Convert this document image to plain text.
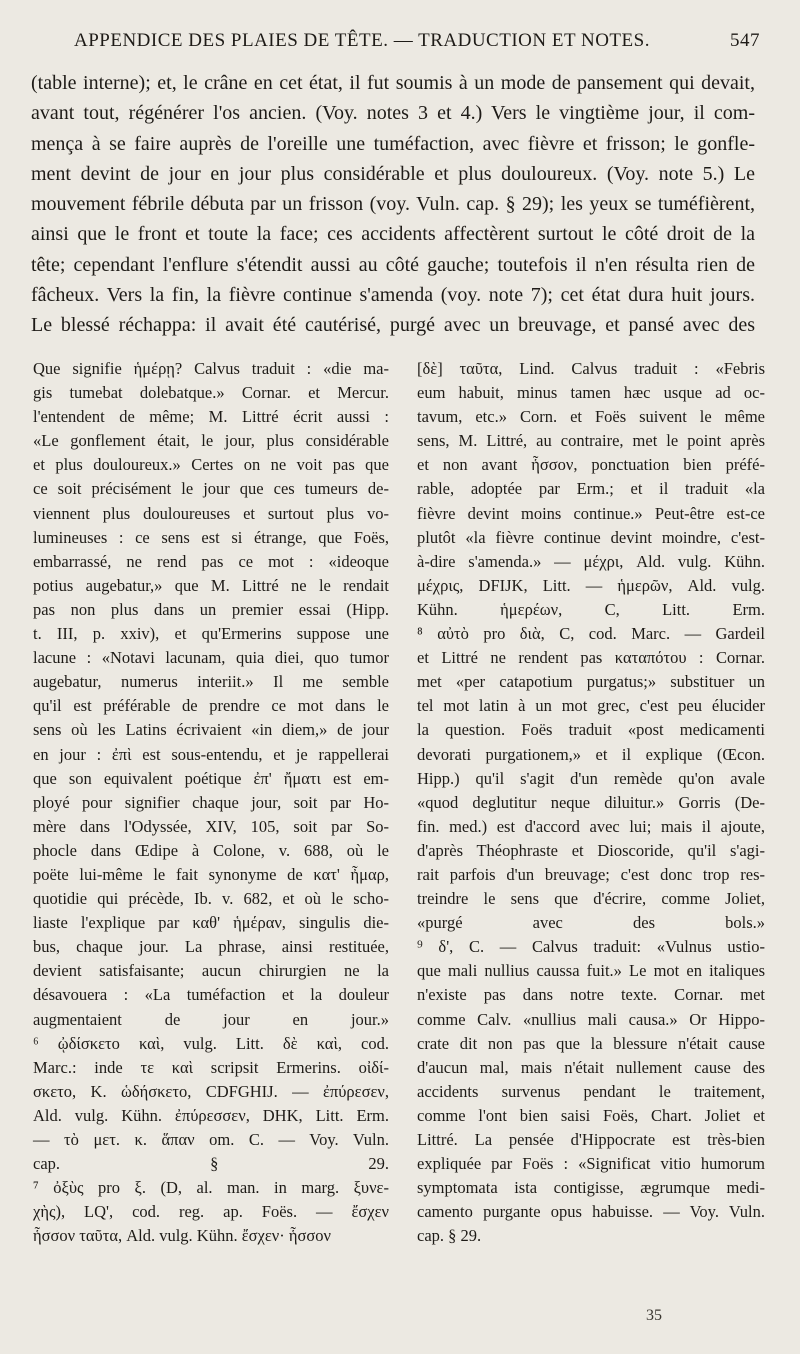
APPENDICE DES PLAIES DE TÊTE. — TRADUCTION ET NOTES.	547
(table interne); et, le crâne en cet état, il fut soumis à un mode de pansement qui devait,
avant tout, régénérer l'os ancien. (Voy. notes 3 et 4.) Vers le vingtième jour, il com-
mença à se faire auprès de l'oreille une tuméfaction, avec fièvre et frisson; le gonfle-
ment devint de jour en jour plus considérable et plus douloureux. (Voy. note 5.) Le
mouvement fébrile débuta par un frisson (voy. Vuln. cap. § 29); les yeux se tuméfièrent,
ainsi que le front et toute la face; ces accidents affectèrent surtout le côté droit de la
tête; cependant l'enflure s'étendit aussi au côté gauche; toutefois il n'en résulta rien de
fâcheux. Vers la fin, la fièvre continue s'amenda (voy. note 7); cet état dura huit jours.
Le blessé réchappa: il avait été cautérisé, purgé avec un breuvage, et pansé avec des
Que signifie ἡμέρῃ? Calvus traduit : «die ma-
gis tumebat dolebatque.» Cornar. et Mercur.
l'entendent de même; M. Littré écrit aussi :
«Le gonflement était, le jour, plus considérable
et plus douloureux.» Certes on ne voit pas que
ce soit précisément le jour que ces tumeurs de-
viennent plus douloureuses et surtout plus vo-
lumineuses : ce sens est si étrange, que Foës,
embarrassé, ne rend pas ce mot : «ideoque
potius augebatur,» que M. Littré ne le rendait
pas non plus dans un premier essai (Hipp.
t. III, p. xxiv), et qu'Ermerins suppose une
lacune : «Notavi lacunam, quia diei, quo tumor
augebatur, numerus interiit.» Il me semble
qu'il est préférable de prendre ce mot dans le
sens où les Latins écrivaient «in diem,» de jour
en jour : ἐπὶ est sous-entendu, et je rappellerai
que son equivalent poétique ἐπ' ἤματι est em-
ployé pour signifier chaque jour, soit par Ho-
mère dans l'Odyssée, XIV, 105, soit par So-
phocle dans Œdipe à Colone, v. 688, où le
poëte lui-même le fait synonyme de κατ' ἦμαρ,
quotidie qui précède, Ib. v. 682, et où le scho-
liaste l'explique par καθ' ἡμέραν, singulis die-
bus, chaque jour. La phrase, ainsi restituée,
devient satisfaisante; aucun chirurgien ne la
désavouera : «La tuméfaction et la douleur
augmentaient de jour en jour.»
⁶ ᾠδίσκετο καὶ, vulg. Litt. δὲ καὶ, cod.
Marc.: inde τε καὶ scripsit Ermerins. οἰδί-
σκετο, K. ὡδήσκετο, CDFGHIJ. — ἐπύρεσεν,
Ald. vulg. Kühn. ἐπύρεσσεν, DHK, Litt. Erm.
— τὸ μετ. κ. ἅπαν om. C. — Voy. Vuln.
cap. § 29.
⁷ ὀξὺς pro ξ. (D, al. man. in marg. ξυνε-
χὴς), LQ', cod. reg. ap. Foës. — ἔσχεν
ἧσσον ταῦτα, Ald. vulg. Kühn. ἔσχεν· ἧσσον
[δὲ] ταῦτα, Lind. Calvus traduit : «Febris
eum habuit, minus tamen hæc usque ad oc-
tavum, etc.» Corn. et Foës suivent le même
sens, M. Littré, au contraire, met le point après
et non avant ἧσσον, ponctuation bien préfé-
rable, adoptée par Erm.; et il traduit «la
fièvre devint moins continue.» Peut-être est-ce
plutôt «la fièvre continue devint moindre, c'est-
à-dire s'amenda.» — μέχρι, Ald. vulg. Kühn.
μέχρις, DFIJK, Litt. — ἡμερῶν, Ald. vulg.
Kühn. ἡμερέων, C, Litt. Erm.
⁸ αὐτὸ pro διὰ, C, cod. Marc. — Gardeil
et Littré ne rendent pas καταπότου : Cornar.
met «per catapotium purgatus;» substituer un
tel mot latin à un mot grec, c'est peu élucider
la question. Foës traduit «post medicamenti
devorati purgationem,» et il explique (Œcon.
Hipp.) qu'il s'agit d'un remède qu'on avale
«quod deglutitur neque diluitur.» Gorris (De-
fin. med.) est d'accord avec lui; mais il ajoute,
d'après Théophraste et Dioscoride, qu'il s'agi-
rait parfois d'un breuvage; c'est donc trop res-
treindre le sens que d'écrire, comme Joliet,
«purgé avec des bols.»
⁹ δ', C. — Calvus traduit: «Vulnus ustio-
que mali nullius caussa fuit.» Le mot en italiques
n'existe pas dans notre texte. Cornar. met
comme Calv. «nullius mali causa.» Or Hippo-
crate dit non pas que la blessure n'était cause
d'aucun mal, mais n'était nullement cause des
accidents survenus pendant le traitement,
comme l'ont bien saisi Foës, Chart. Joliet et
Littré. La pensée d'Hippocrate est très-bien
expliquée par Foës : «Significat vitio humorum
symptomata ista contigisse, ægrumque medi-
camento purgante opus habuisse. — Voy. Vuln.
cap. § 29.
35
